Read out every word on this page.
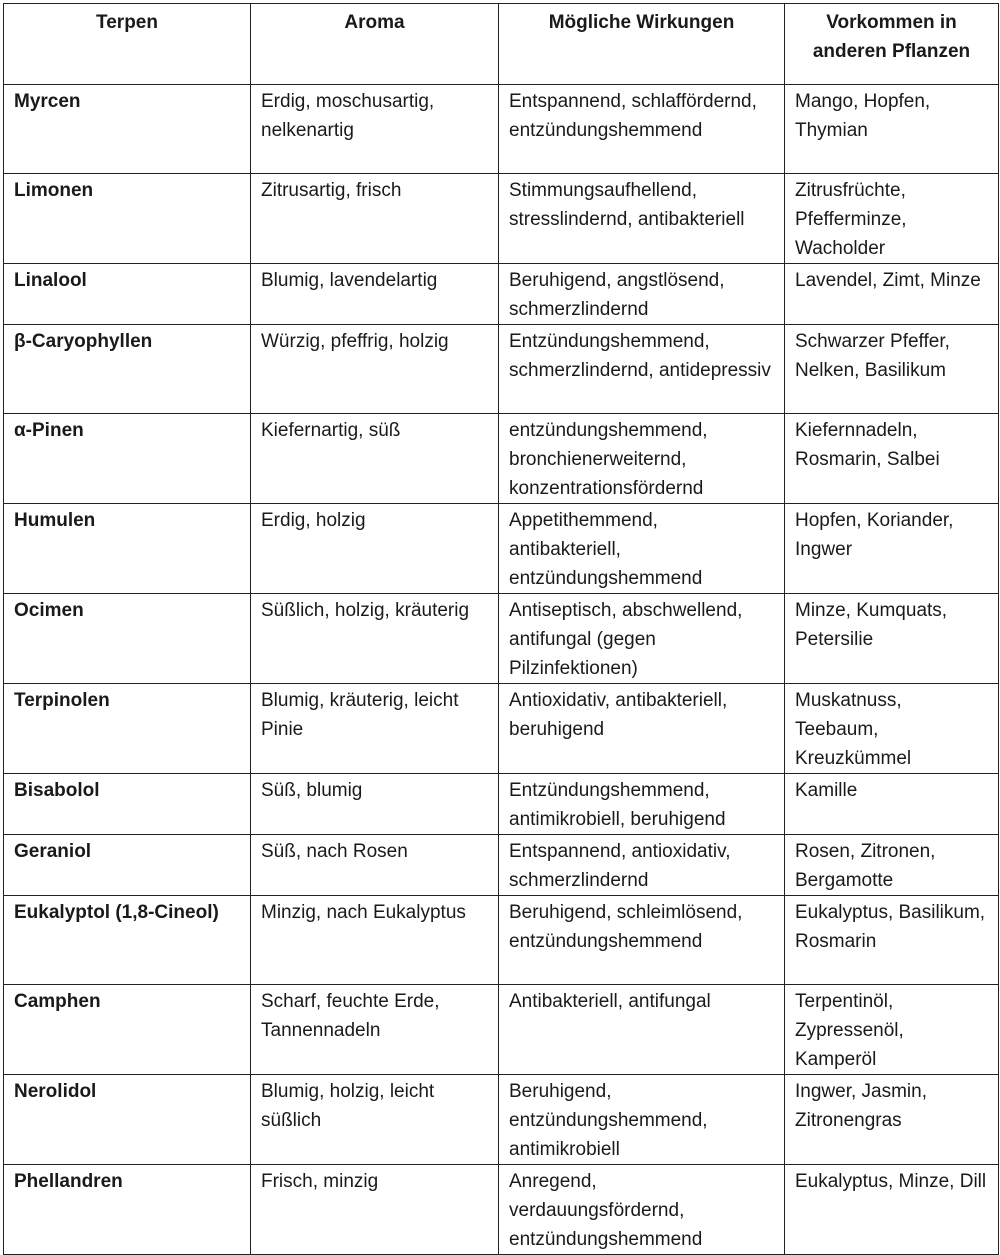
Terpen	Aroma	Mögliche Wirkungen	Vorkommen in anderen Pflanzen
Myrcen	Erdig, moschusartig, nelkenartig	Entspannend, schlaffördernd, entzündungshemmend	Mango, Hopfen, Thymian
Limonen	Zitrusartig, frisch	Stimmungsaufhellend, stresslindernd, antibakteriell	Zitrusfrüchte, Pfefferminze, Wacholder
Linalool	Blumig, lavendelartig	Beruhigend, angstlösend, schmerzlindernd	Lavendel, Zimt, Minze
β-Caryophyllen	Würzig, pfeffrig, holzig	Entzündungshemmend, schmerzlindernd, antidepressiv	Schwarzer Pfeffer, Nelken, Basilikum
α-Pinen	Kiefernartig, süß	entzündungshemmend, bronchienerweiternd, konzentrationsfördernd	Kiefernnadeln, Rosmarin, Salbei
Humulen	Erdig, holzig	Appetithemmend, antibakteriell, entzündungshemmend	Hopfen, Koriander, Ingwer
Ocimen	Süßlich, holzig, kräuterig	Antiseptisch, abschwellend, antifungal (gegen Pilzinfektionen)	Minze, Kumquats, Petersilie
Terpinolen	Blumig, kräuterig, leicht Pinie	Antioxidativ, antibakteriell, beruhigend	Muskatnuss, Teebaum, Kreuzkümmel
Bisabolol	Süß, blumig	Entzündungshemmend, antimikrobiell, beruhigend	Kamille
Geraniol	Süß, nach Rosen	Entspannend, antioxidativ, schmerzlindernd	Rosen, Zitronen, Bergamotte
Eukalyptol (1,8-Cineol)	Minzig, nach Eukalyptus	Beruhigend, schleimlösend, entzündungshemmend	Eukalyptus, Basilikum, Rosmarin
Camphen	Scharf, feuchte Erde, Tannennadeln	Antibakteriell, antifungal	Terpentinöl, Zypressenöl, Kamperöl
Nerolidol	Blumig, holzig, leicht süßlich	Beruhigend, entzündungshemmend, antimikrobiell	Ingwer, Jasmin, Zitronengras
Phellandren	Frisch, minzig	Anregend, verdauungsfördernd, entzündungshemmend	Eukalyptus, Minze, Dill
